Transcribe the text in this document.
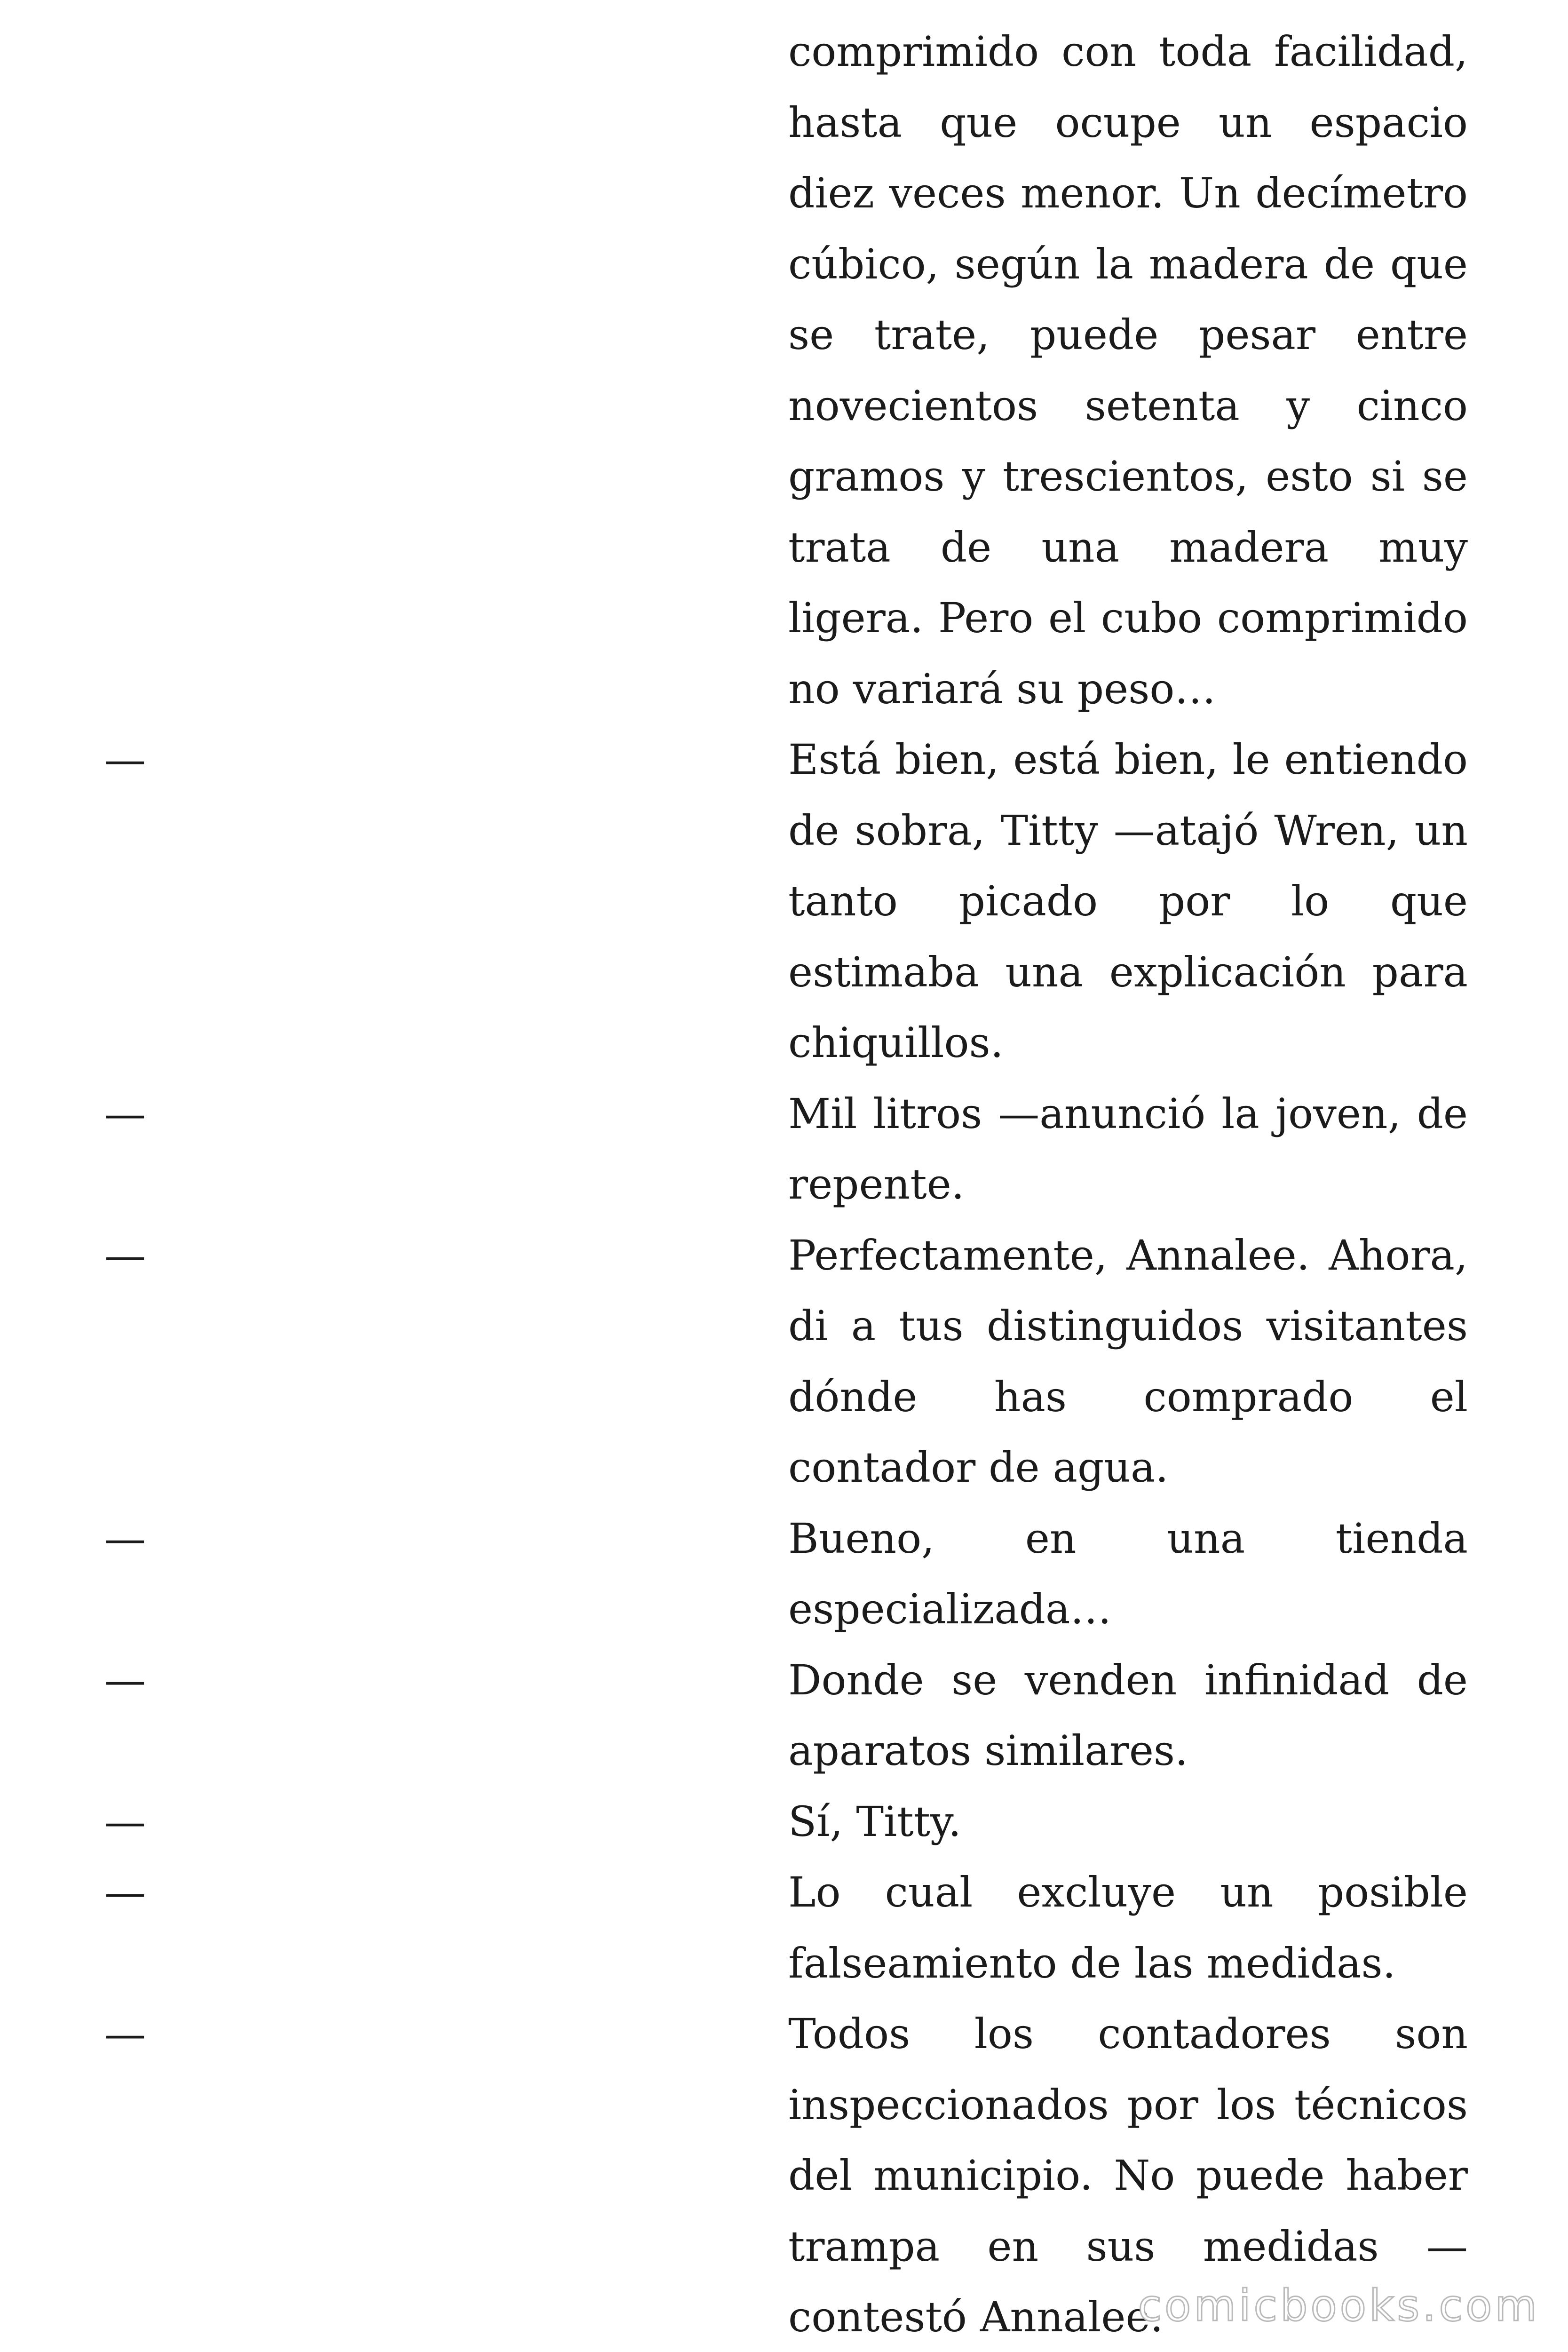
comprimido con toda facilidad, hasta que ocupe un espacio diez veces menor. Un decímetro cúbico, según la madera de que se trate, puede pesar entre novecientos setenta y cinco gramos y trescientos, esto si se trata de una madera muy ligera. Pero el cubo comprimido no variará su peso…
—	Está bien, está bien, le entiendo de sobra, Titty —atajó Wren, un tanto picado por lo que estimaba una explicación para chiquillos.
—	Mil litros —anunció la joven, de repente.
—	Perfectamente, Annalee. Ahora, di a tus distinguidos visitantes dónde has comprado el contador de agua.
—	Bueno, en una tienda especializada…
—	Donde se venden infinidad de aparatos similares.
—	Sí, Titty.
—	Lo cual excluye un posible falseamiento de las medidas.
—	Todos los contadores son inspeccionados por los técnicos del municipio. No puede haber trampa en sus medidas —contestó Annalee.
comicbooks.com
